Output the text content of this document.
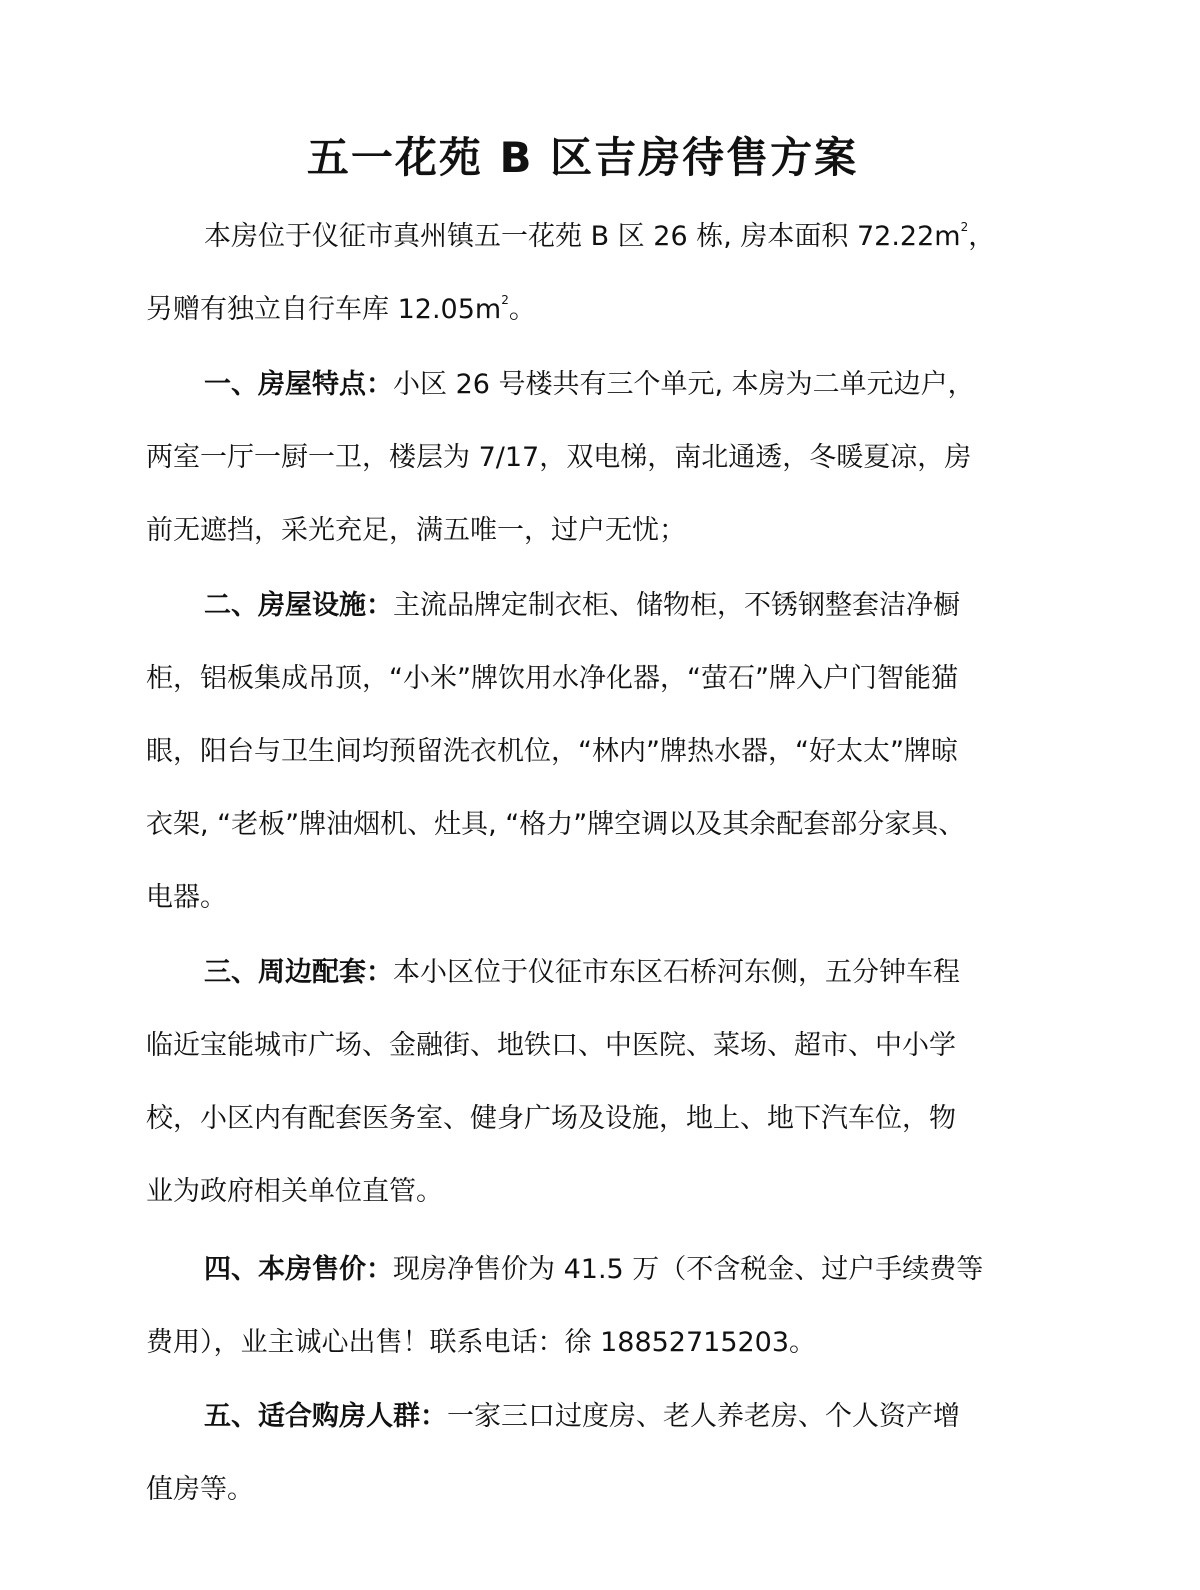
五一花苑 B 区吉房待售方案

本房位于仪征市真州镇五一花苑 B 区 26 栋, 房本面积 $72.22m^2$，
另赠有独立自行车库 $12.05m^2$。

一、房屋特点：小区 26 号楼共有三个单元, 本房为二单元边户，
两室一厅一厨一卫，楼层为 7/17，双电梯，南北通透，冬暖夏凉，房
前无遮挡，采光充足，满五唯一，过户无忧；

二、房屋设施：主流品牌定制衣柜、储物柜，不锈钢整套洁净橱
柜，铝板集成吊顶，“小米”牌饮用水净化器，“萤石”牌入户门智能猫
眼，阳台与卫生间均预留洗衣机位，“林内”牌热水器，“好太太”牌晾
衣架, “老板”牌油烟机、灶具, “格力”牌空调以及其余配套部分家具、
电器。

三、周边配套：本小区位于仪征市东区石桥河东侧，五分钟车程
临近宝能城市广场、金融街、地铁口、中医院、菜场、超市、中小学
校，小区内有配套医务室、健身广场及设施，地上、地下汽车位，物
业为政府相关单位直管。

四、本房售价：现房净售价为 41.5 万（不含税金、过户手续费等
费用），业主诚心出售！联系电话：徐 18852715203。

五、适合购房人群：一家三口过度房、老人养老房、个人资产增
值房等。
